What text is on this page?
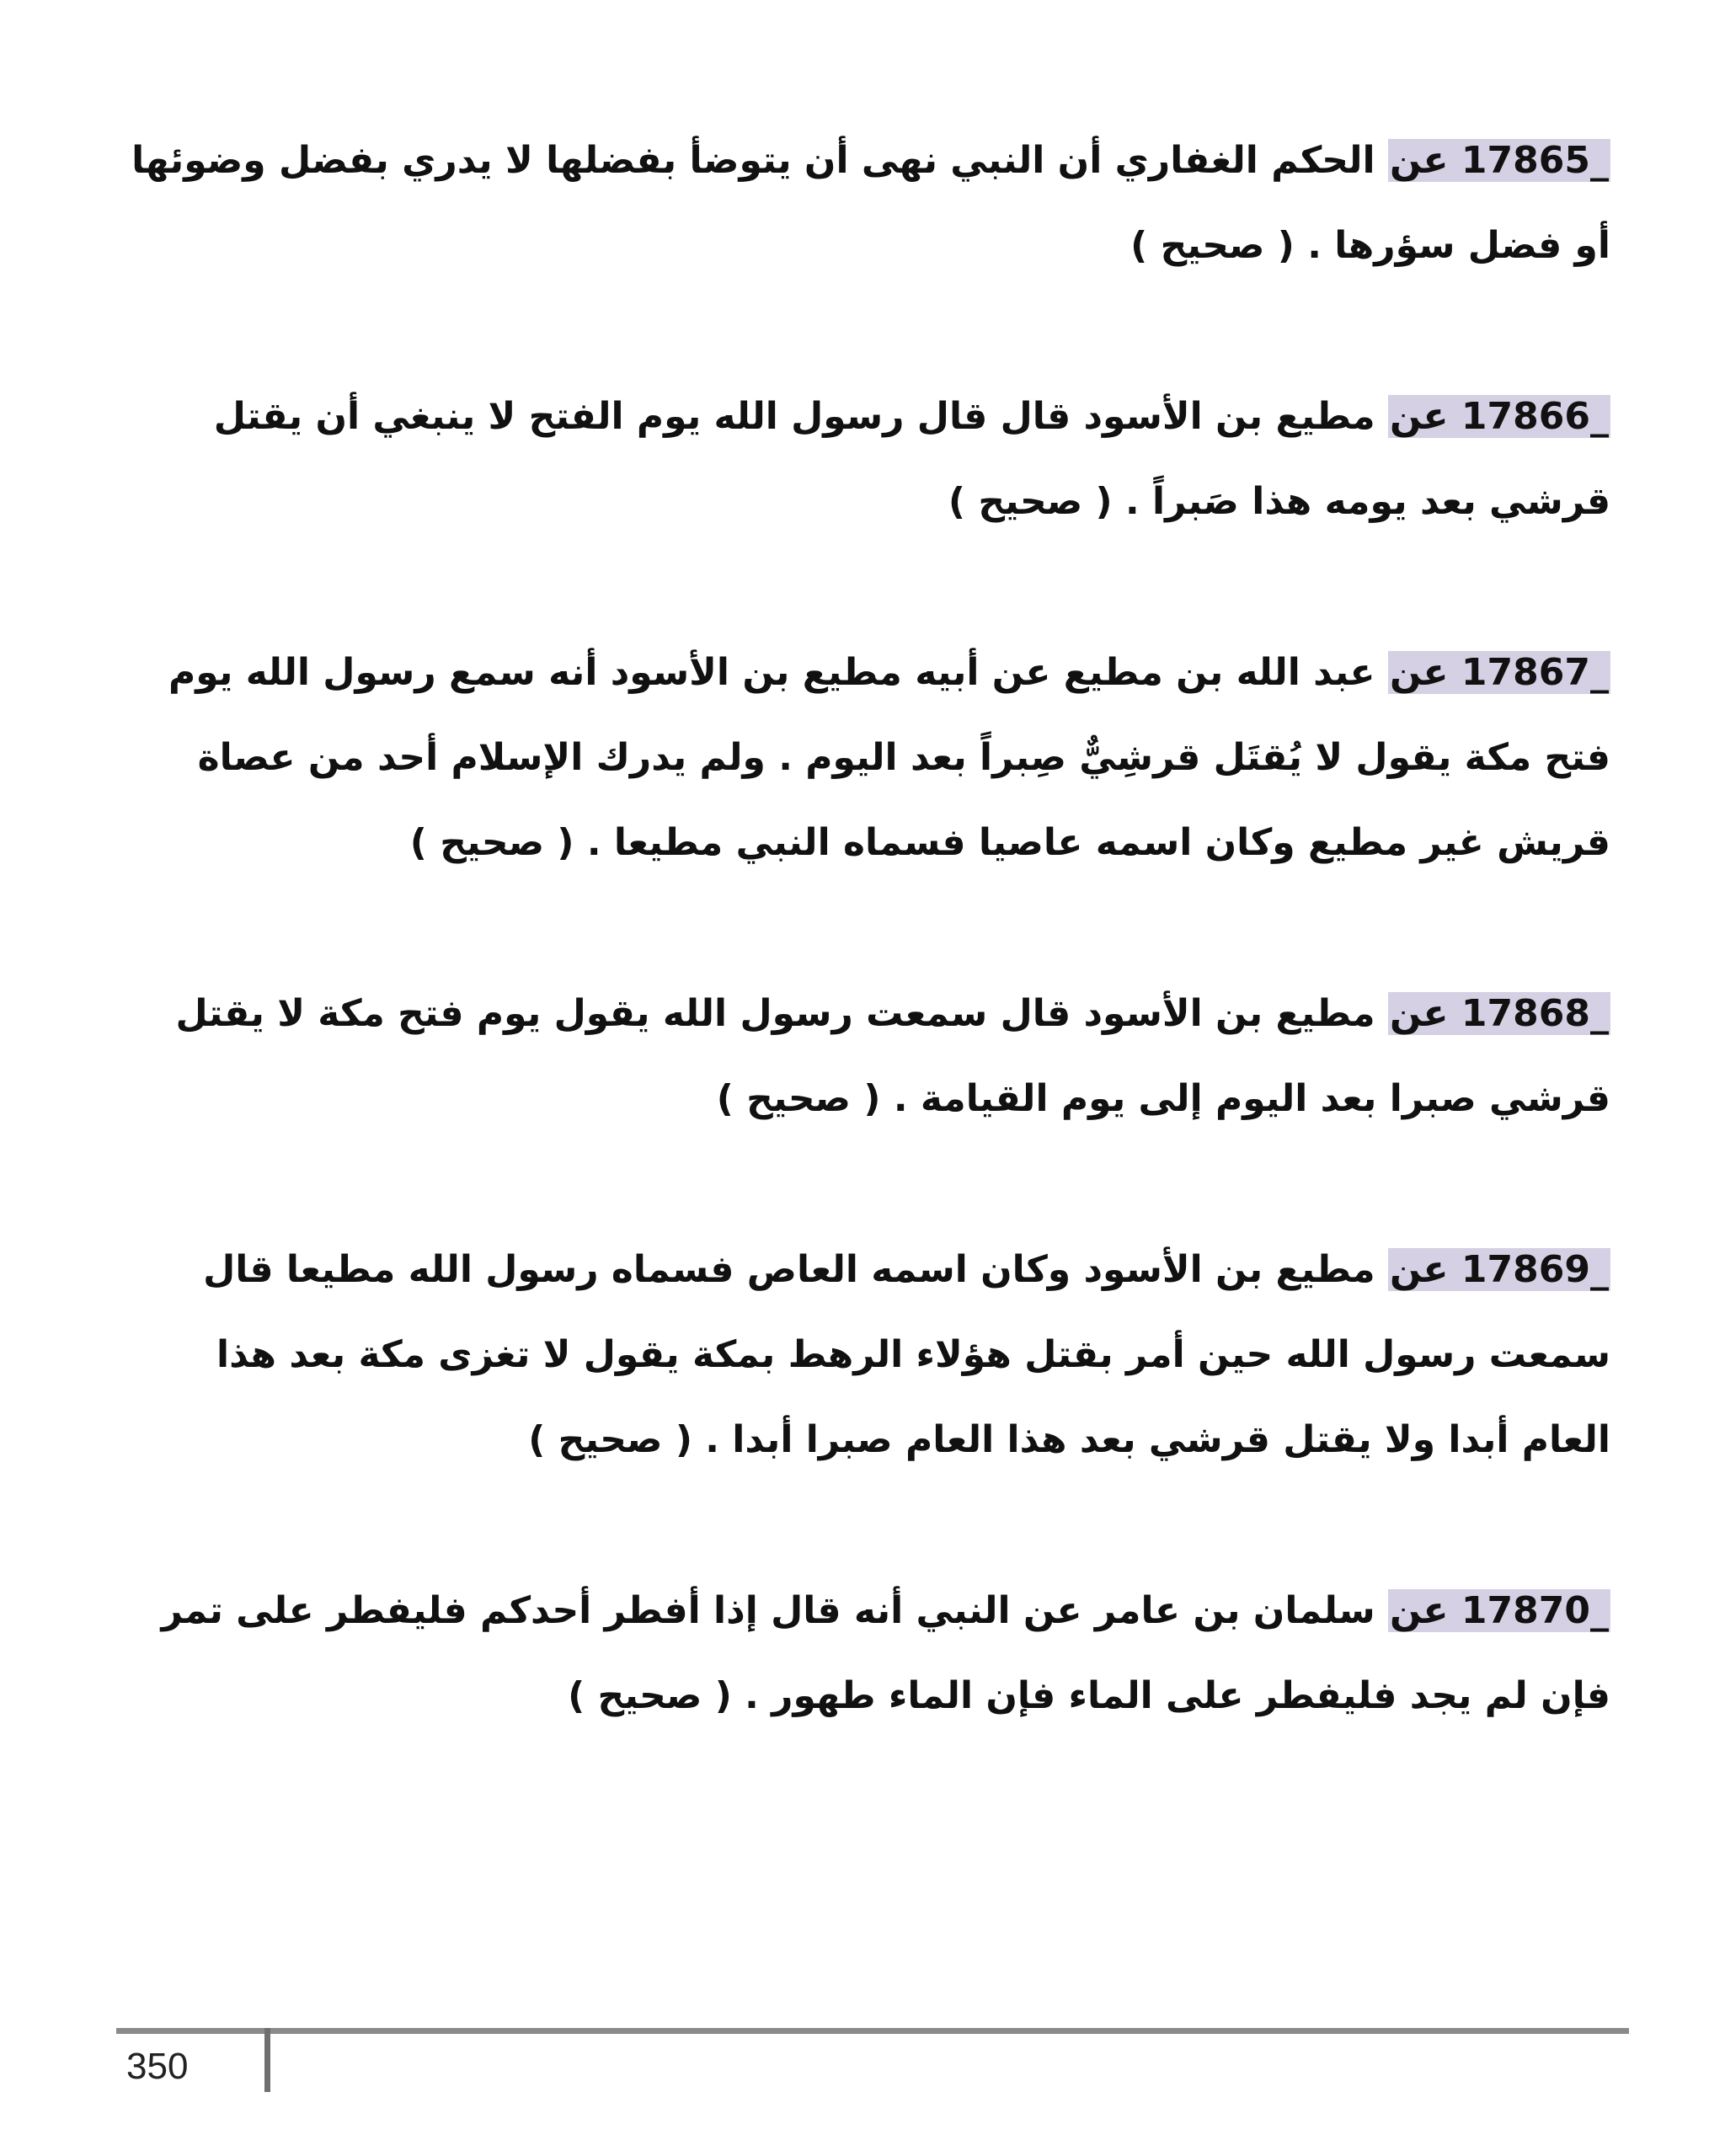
17865_ عن الحكم الغفاري أن النبي نهى أن يتوضأ بفضلها لا يدري بفضل وضوئها أو فضل سؤرها . ( صحيح )

17866_ عن مطيع بن الأسود قال قال رسول الله يوم الفتح لا ينبغي أن يقتل قرشي بعد يومه هذا صَبراً . ( صحيح )

17867_ عن عبد الله بن مطيع عن أبيه مطيع بن الأسود أنه سمع رسول الله يوم فتح مكة يقول لا يُقتَل قرشِيٌّ صِبراً بعد اليوم . ولم يدرك الإسلام أحد من عصاة قريش غير مطيع وكان اسمه عاصيا فسماه النبي مطيعا . ( صحيح )

17868_ عن مطيع بن الأسود قال سمعت رسول الله يقول يوم فتح مكة لا يقتل قرشي صبرا بعد اليوم إلى يوم القيامة . ( صحيح )

17869_ عن مطيع بن الأسود وكان اسمه العاص فسماه رسول الله مطيعا قال سمعت رسول الله حين أمر بقتل هؤلاء الرهط بمكة يقول لا تغزى مكة بعد هذا العام أبدا ولا يقتل قرشي بعد هذا العام صبرا أبدا . ( صحيح )

17870_ عن سلمان بن عامر عن النبي أنه قال إذا أفطر أحدكم فليفطر على تمر فإن لم يجد فليفطر على الماء فإن الماء طهور . ( صحيح )

350
